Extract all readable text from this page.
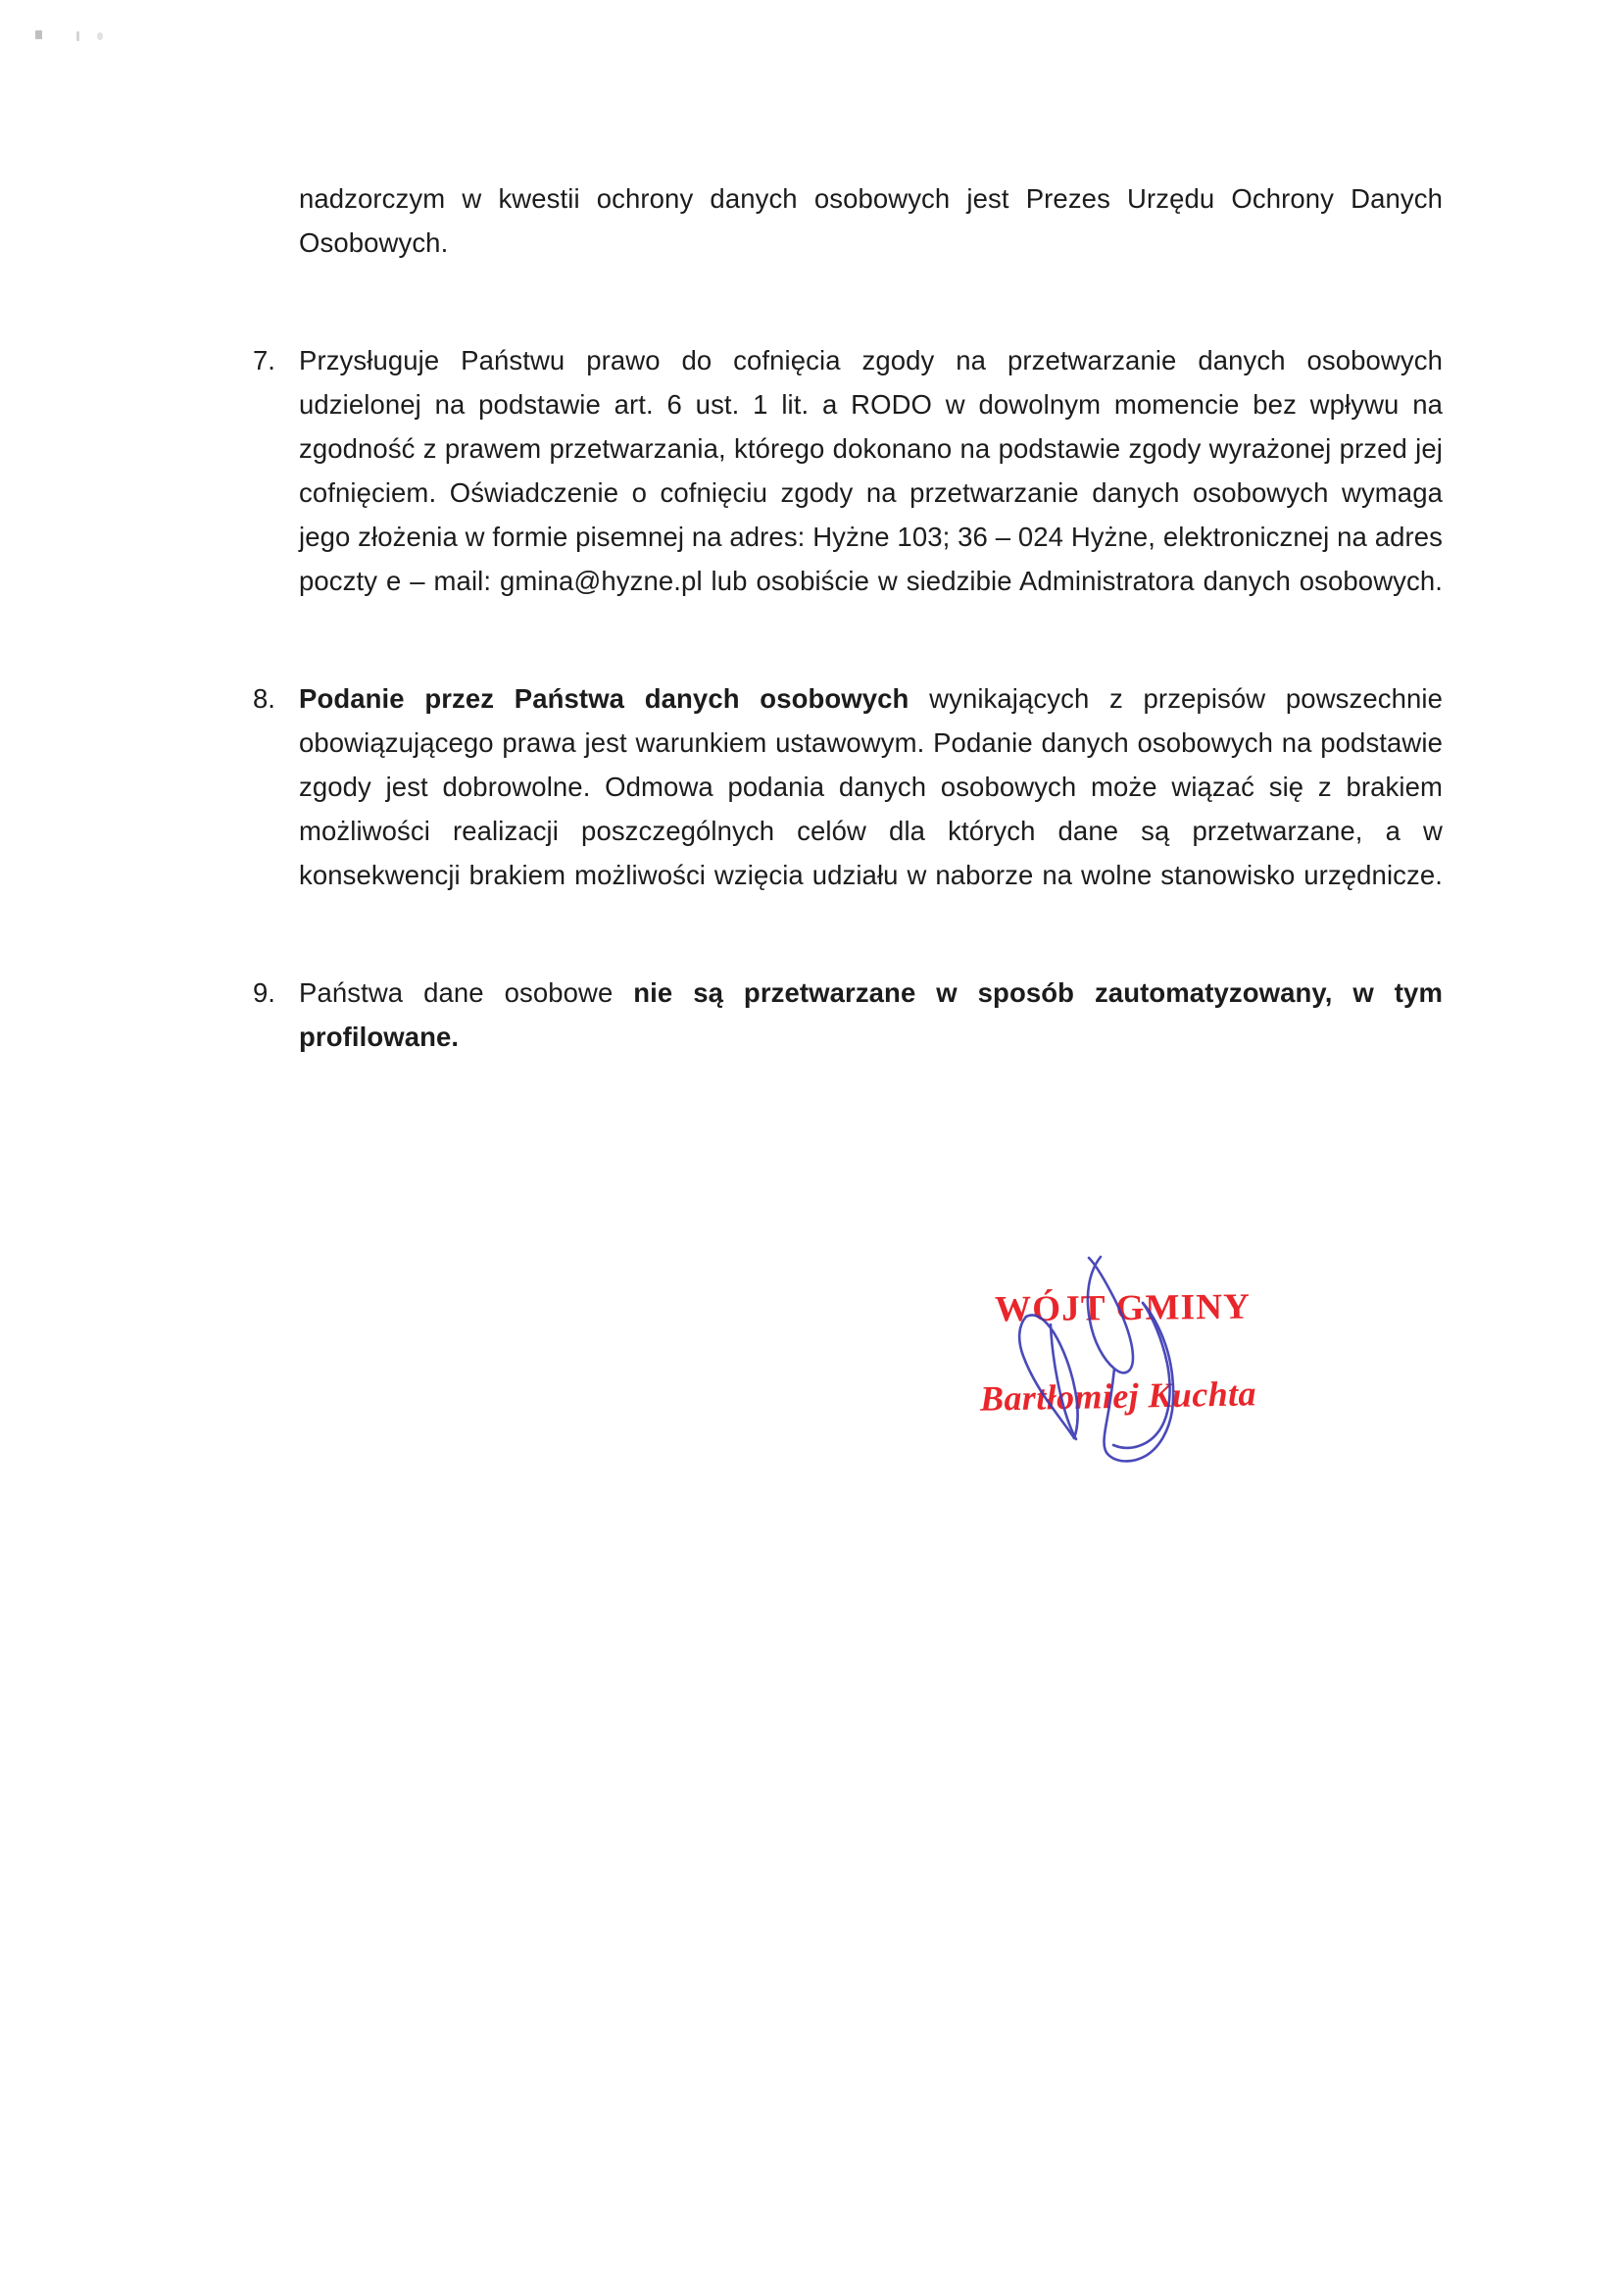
nadzorczym w kwestii ochrony danych osobowych jest Prezes Urzędu Ochrony Danych Osobowych.
7. Przysługuje Państwu prawo do cofnięcia zgody na przetwarzanie danych osobowych udzielonej na podstawie art. 6 ust. 1 lit. a RODO w dowolnym momencie bez wpływu na zgodność z prawem przetwarzania, którego dokonano na podstawie zgody wyrażonej przed jej cofnięciem. Oświadczenie o cofnięciu zgody na przetwarzanie danych osobowych wymaga jego złożenia w formie pisemnej na adres: Hyżne 103; 36 – 024 Hyżne, elektronicznej na adres poczty e – mail: gmina@hyzne.pl lub osobiście w siedzibie Administratora danych osobowych.
8. Podanie przez Państwa danych osobowych wynikających z przepisów powszechnie obowiązującego prawa jest warunkiem ustawowym. Podanie danych osobowych na podstawie zgody jest dobrowolne. Odmowa podania danych osobowych może wiązać się z brakiem możliwości realizacji poszczególnych celów dla których dane są przetwarzane, a w konsekwencji brakiem możliwości wzięcia udziału w naborze na wolne stanowisko urzędnicze.
9. Państwa dane osobowe nie są przetwarzane w sposób zautomatyzowany, w tym profilowane.
WÓJT GMINY
Bartłomiej Kuchta
